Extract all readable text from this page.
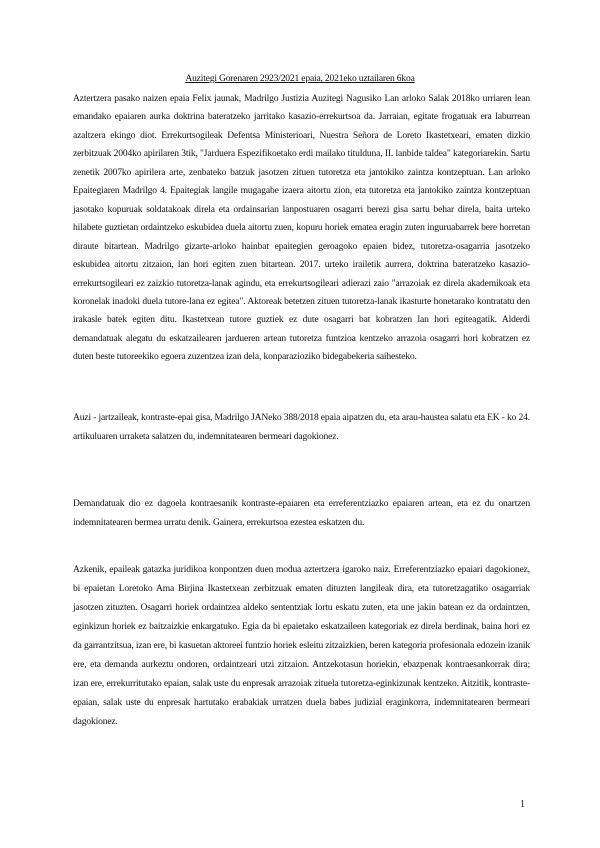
Auzitegi Gorenaren 2923/2021 epaia, 2021eko uztailaren 6koa

Aztertzera pasako naizen epaia Felix jaunak, Madrilgo Justizia Auzitegi Nagusiko Lan arloko Salak 2018ko urriaren lean emandako epaiaren aurka doktrina bateratzeko jarritako kasazio-errekurtsoa da. Jarraian, egitate frogatuak era laburrean azaltzera ekingo diot. Errekurtsogileak Defentsa Ministerioari, Nuestra Señora de Loreto Ikastetxeari, ematen dizkio zerbitzuak 2004ko apirilaren 3tik, "Jarduera Espezifikoetako erdi mailako titulduna, II. lanbide taldea" kategoriarekin. Sartu zenetik 2007ko apirilera arte, zenbateko batzuk jasotzen zituen tutoretza eta jantokiko zaintza kontzeptuan. Lan arloko Epaitegiaren Madrilgo 4. Epaitegiak langile mugagabe izaera aitortu zion, eta tutoretza eta jantokiko zaintza kontzeptuan jasotako kopuruak soldatakoak direla eta ordainsarian lanpostuaren osagarri berezi gisa sartu behar direla, baita urteko hilabete guztietan ordaintzeko eskubidea duela aitortu zuen, kopuru horiek ematea eragin zuten inguruabarrek bere horretan diraute bitartean. Madrilgo gizarte-arloko hainbat epaitegien geroagoko epaien bidez, tutoretza-osagarria jasotzeko eskubidea aitortu zitzaion, lan hori egiten zuen bitartean. 2017. urteko irailetik aurrera, doktrina bateratzeko kasazio-errekurtsogileari ez zaizkio tutoretza-lanak agindu, eta errekurtsogileari adierazi zaio "arrazoiak ez direla akademikoak eta koronelak inadoki duela tutore-lana ez egitea". Aktoreak betetzen zituen tutoretza-lanak ikasturte honetarako kontratatu den irakasle batek egiten ditu. Ikastetxean tutore guztiek ez dute osagarri bat kobratzen lan hori egiteagatik. Alderdi demandatuak alegatu du eskatzailearen jardueren artean tutoretza funtzioa kentzeko arrazoia osagarri hori kobratzen ez duten beste tutoreekiko egoera zuzentzea izan dela, konparazioziko bidegabekeria saihesteko.

Auzi - jartzaileak, kontraste-epai gisa, Madrilgo JANeko 388/2018 epaia aipatzen du, eta arau-haustea salatu eta EK - ko 24. artikuluaren urraketa salatzen du, indemnitatearen bermeari dagokionez.

Demandatuak dio ez dagoela kontraesanik kontraste-epaiaren eta erreferentziazko epaiaren artean, eta ez du onartzen indemnitatearen bermea urratu denik. Gainera, errekurtsoa ezestea eskatzen du.

Azkenik, epaileak gatazka juridikoa konpontzen duen modua aztertzera igaroko naiz. Erreferentziazko epaiari dagokionez, bi epaietan Loretoko Ama Birjina Ikastetxean zerbitzuak ematen dituzten langileak dira, eta tutoretzagatiko osagarriak jasotzen zituzten. Osagarri horiek ordaintzea aldeko sententziak lortu eskatu zuten, eta une jakin batean ez da ordaintzen, eginkizun horiek ez baitzaizkie enkargatuko. Egia da bi epaietako eskatzaileen kategoriak ez direla berdinak, baina hori ez da garrantzitsua, izan ere, bi kasuetan aktoreei funtzio horiek esleitu zitzaizkien, beren kategoria profesionala edozein izanik ere, eta demanda aurkeztu ondoren, ordaintzeari utzi zitzaion. Antzekotasun horiekin, ebazpenak kontraesankorrak dira; izan ere, errekurritutako epaian, salak uste du enpresak arrazoiak zituela tutoretza-eginkizunak kentzeko. Aitzitik, kontraste-epaian, salak uste du enpresak hartutako erabakiak urratzen duela babes judizial eraginkorra, indemnitatearen bermeari dagokionez.

1
